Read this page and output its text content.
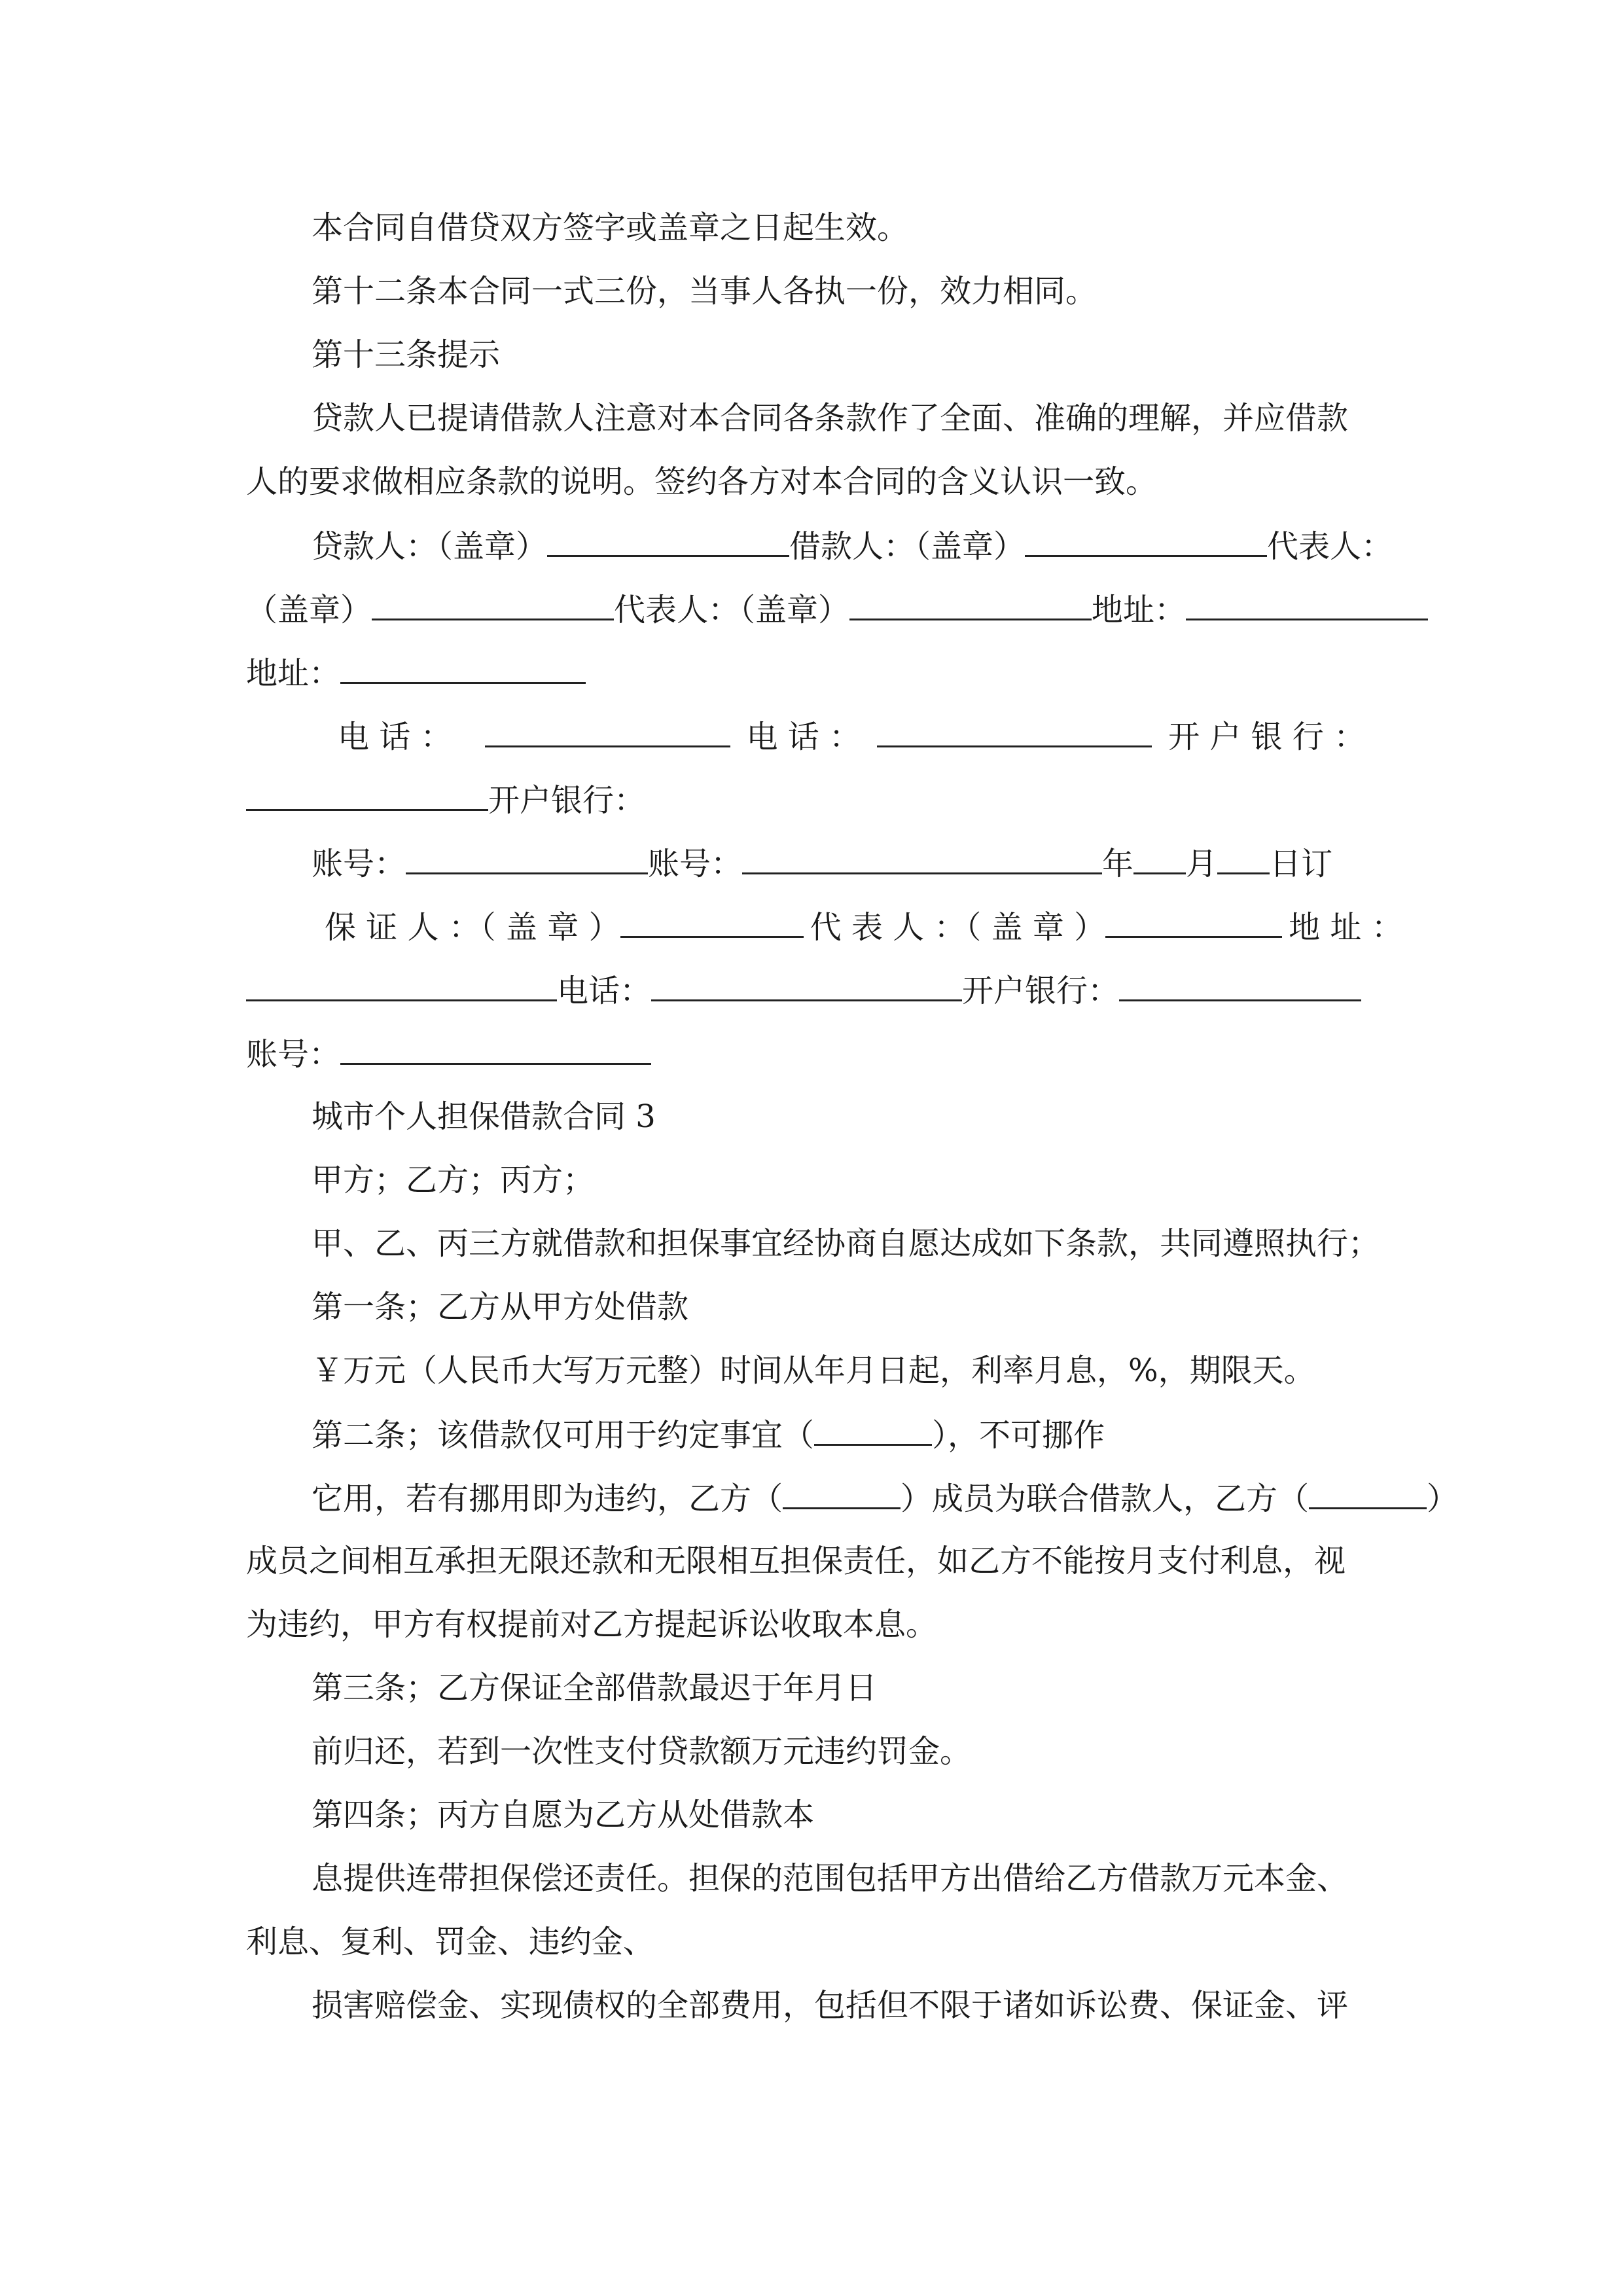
本合同自借贷双方签字或盖章之日起生效。
第十二条本合同一式三份，当事人各执一份，效力相同。
第十三条提示
贷款人已提请借款人注意对本合同各条款作了全面、准确的理解，并应借款
人的要求做相应条款的说明。签约各方对本合同的含义认识一致。
贷款人：（盖章）	借款人：（盖章）	代表人：
（盖章）	代表人：（盖章）	地址：
地址：
电 话 ：	电 话 ：	开 户 银 行 ：
开户银行：
账号：	账号：	年 月 日订
保 证 人 ：（ 盖 章 ）	代 表 人 ：（ 盖 章 ）	地 址 ：
电话：	开户银行：
账号：
城市个人担保借款合同 3
甲方；乙方；丙方；
甲、乙、丙三方就借款和担保事宜经协商自愿达成如下条款，共同遵照执行；
第一条；乙方从甲方处借款
￥万元（人民币大写万元整）时间从年月日起，利率月息，%，期限天。
第二条；该借款仅可用于约定事宜（	），不可挪作
它用，若有挪用即为违约，乙方（	）成员为联合借款人，乙方（	）
成员之间相互承担无限还款和无限相互担保责任，如乙方不能按月支付利息，视
为违约，甲方有权提前对乙方提起诉讼收取本息。
第三条；乙方保证全部借款最迟于年月日
前归还，若到一次性支付贷款额万元违约罚金。
第四条；丙方自愿为乙方从处借款本
息提供连带担保偿还责任。担保的范围包括甲方出借给乙方借款万元本金、
利息、复利、罚金、违约金、
损害赔偿金、实现债权的全部费用，包括但不限于诸如诉讼费、保证金、评
